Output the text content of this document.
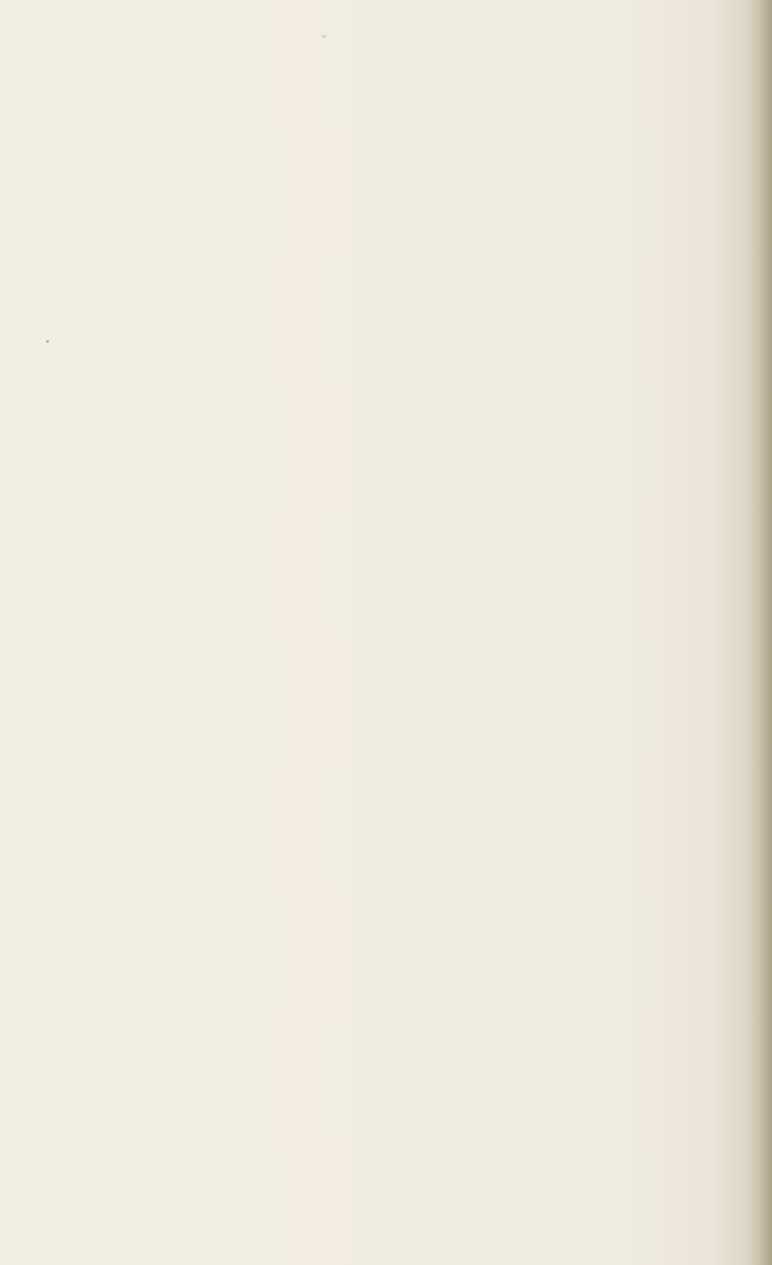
⌄
